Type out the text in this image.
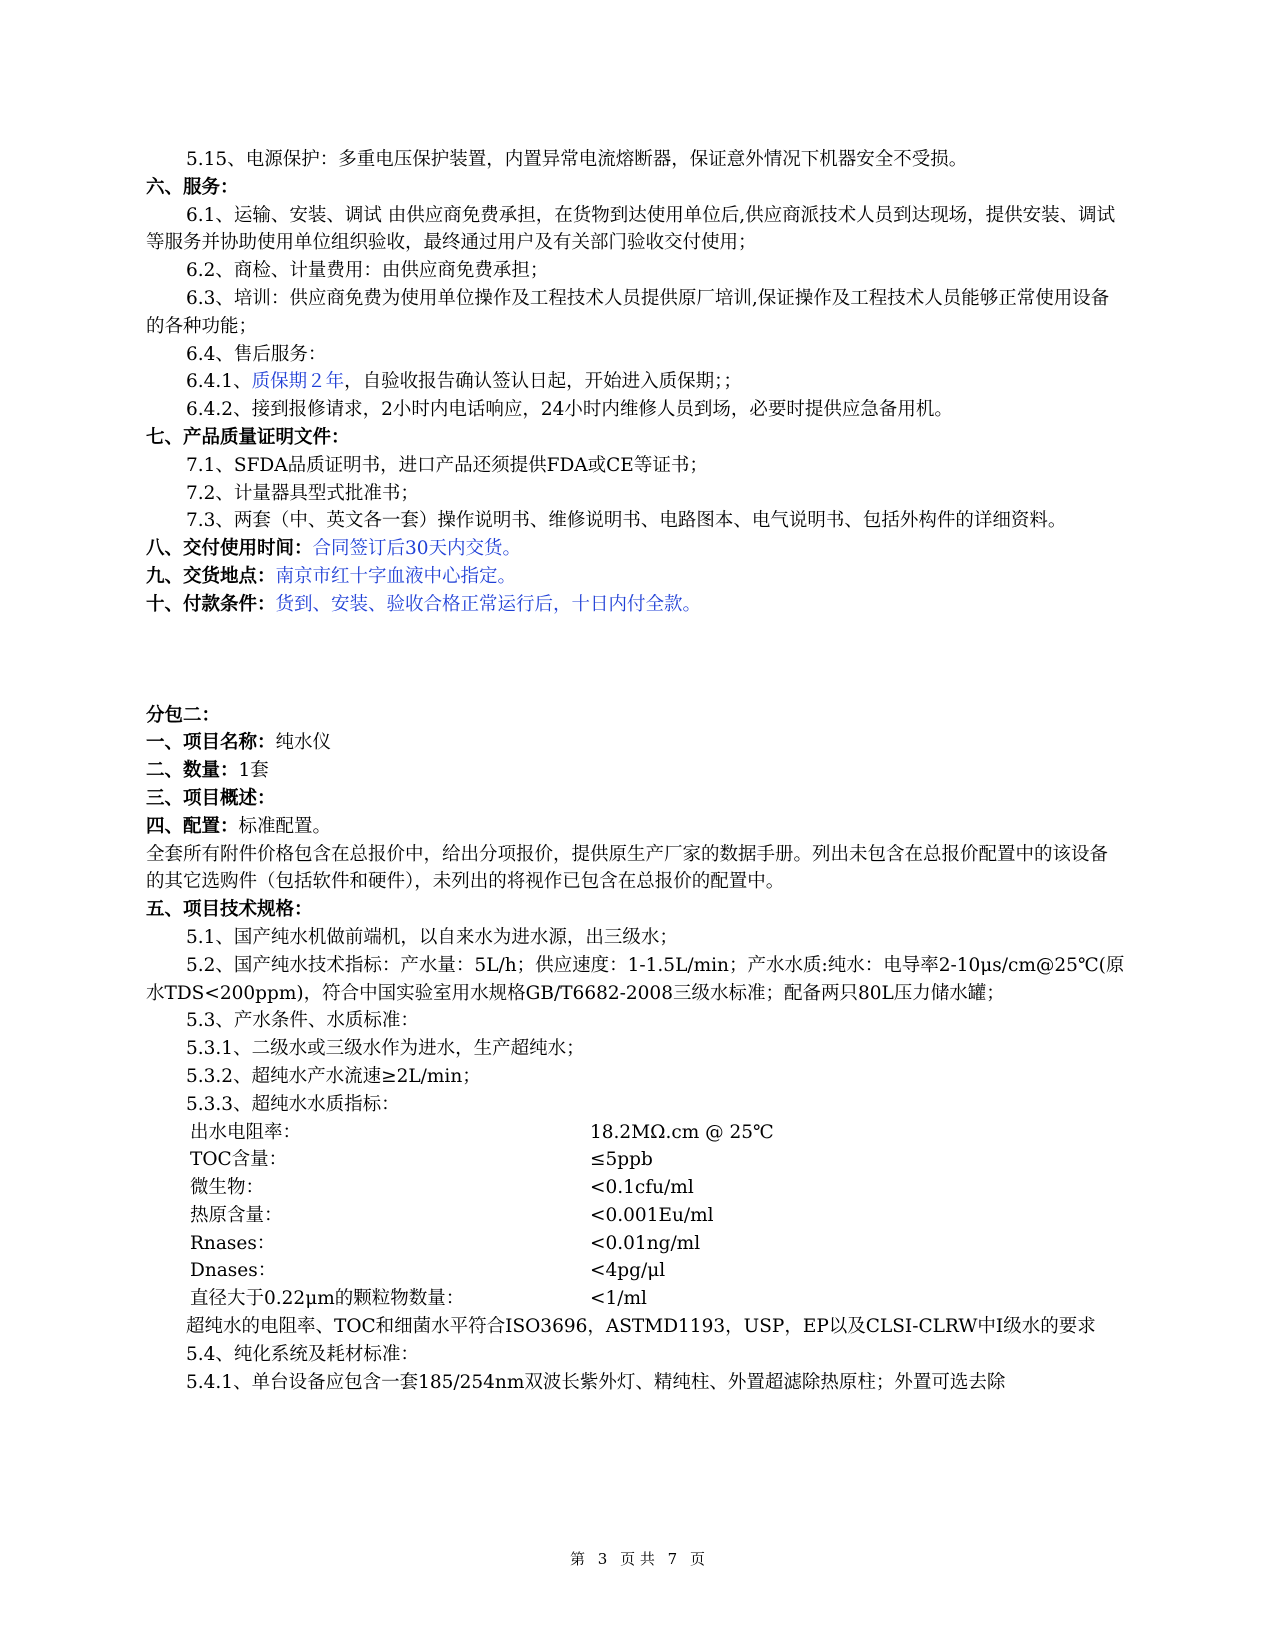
5.15、电源保护：多重电压保护装置，内置异常电流熔断器，保证意外情况下机器安全不受损。
六、服务：
6.1、运输、安装、调试 由供应商免费承担，在货物到达使用单位后,供应商派技术人员到达现场，提供安装、调试等服务并协助使用单位组织验收，最终通过用户及有关部门验收交付使用；
6.2、商检、计量费用：由供应商免费承担；
6.3、培训：供应商免费为使用单位操作及工程技术人员提供原厂培训,保证操作及工程技术人员能够正常使用设备的各种功能；
6.4、售后服务：
6.4.1、质保期２年，自验收报告确认签认日起，开始进入质保期；；
6.4.2、接到报修请求，2小时内电话响应，24小时内维修人员到场，必要时提供应急备用机。
七、产品质量证明文件：
7.1、SFDA品质证明书，进口产品还须提供FDA或CE等证书；
7.2、计量器具型式批准书；
7.3、两套（中、英文各一套）操作说明书、维修说明书、电路图本、电气说明书、包括外构件的详细资料。
八、交付使用时间：合同签订后30天内交货。
九、交货地点：南京市红十字血液中心指定。
十、付款条件：货到、安装、验收合格正常运行后，十日内付全款。
分包二：
一、项目名称：纯水仪
二、数量：1套
三、项目概述：
四、配置：标准配置。
全套所有附件价格包含在总报价中，给出分项报价，提供原生产厂家的数据手册。列出未包含在总报价配置中的该设备的其它选购件（包括软件和硬件），未列出的将视作已包含在总报价的配置中。
五、项目技术规格：
5.1、国产纯水机做前端机，以自来水为进水源，出三级水；
5.2、国产纯水技术指标：产水量：5L/h；供应速度：1-1.5L/min；产水水质:纯水：电导率2-10μs/cm@25℃(原水TDS<200ppm)，符合中国实验室用水规格GB/T6682-2008三级水标准；配备两只80L压力储水罐；
5.3、产水条件、水质标准：
5.3.1、二级水或三级水作为进水，生产超纯水；
5.3.2、超纯水产水流速≥2L/min；
5.3.3、超纯水水质指标：
出水电阻率：	18.2MΩ.cm @ 25℃
TOC含量：	≤5ppb
微生物：	<0.1cfu/ml
热原含量：	<0.001Eu/ml
Rnases：	<0.01ng/ml
Dnases：	<4pg/μl
直径大于0.22μm的颗粒物数量：	<1/ml
超纯水的电阻率、TOC和细菌水平符合ISO3696，ASTMD1193，USP，EP以及CLSI-CLRW中I级水的要求
5.4、纯化系统及耗材标准：
5.4.1、单台设备应包含一套185/254nm双波长紫外灯、精纯柱、外置超滤除热原柱；外置可选去除
第 3 页 共 7 页
